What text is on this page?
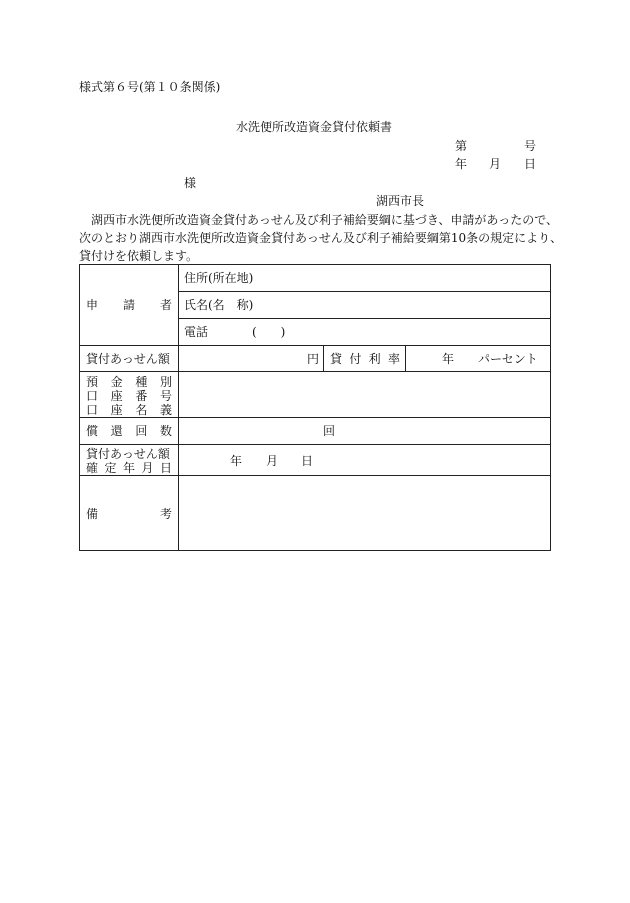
様式第６号(第１０条関係)
水洗便所改造資金貸付依頼書
第	号
年 月 日
様
湖西市長
湖西市水洗便所改造資金貸付あっせん及び利子補給要綱に基づき、申請があったので、
次のとおり湖西市水洗便所改造資金貸付あっせん及び利子補給要綱第10条の規定により、
貸付けを依頼します。
申 請 者
住所(所在地)
氏名(名　称)
電話	(　　)
貸付あっせん額	円 貸 付 利 率	年 パーセント
預 金 種 別
口 座 番 号
口 座 名 義
償 還 回 数	回
貸付あっせん額
確 定 年 月 日	年 月 日
備	考
